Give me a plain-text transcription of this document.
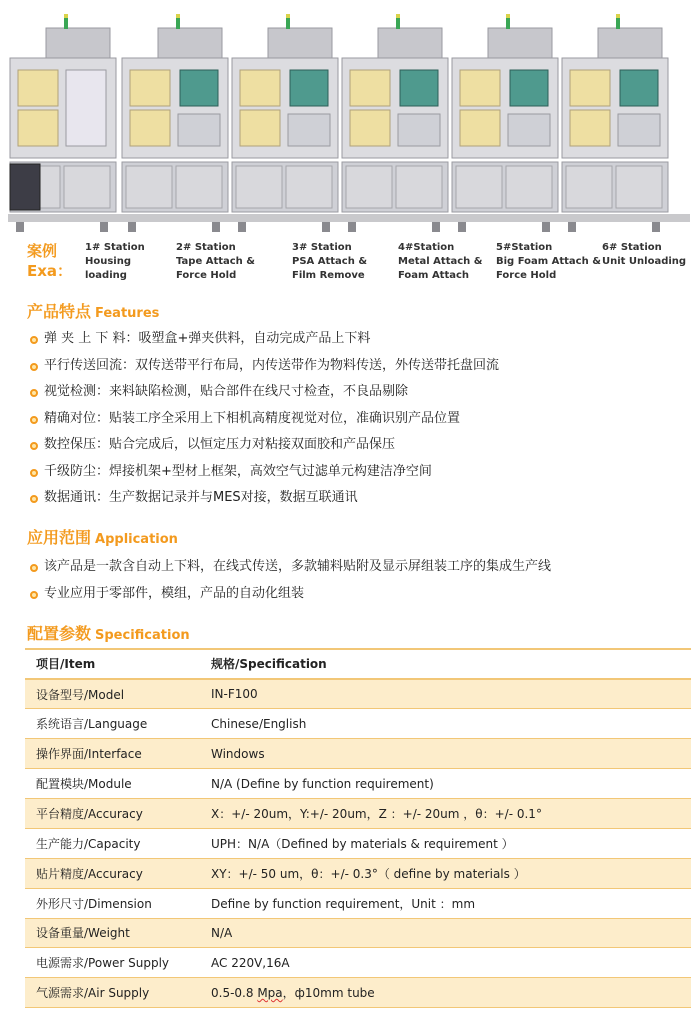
案例
Exa：
1# Station
Housing
loading
2# Station
Tape Attach &
Force Hold
3# Station
PSA Attach &
Film Remove
4#Station
Metal Attach &
Foam Attach
5#Station
Big Foam Attach &
Force Hold
6# Station
Unit Unloading
产品特点 Features
弹 夹 上 下 料：吸塑盒+弹夹供料，自动完成产品上下料
平行传送回流：双传送带平行布局，内传送带作为物料传送，外传送带托盘回流
视觉检测：来料缺陷检测，贴合部件在线尺寸检查，不良品剔除
精确对位：贴装工序全采用上下相机高精度视觉对位，准确识别产品位置
数控保压：贴合完成后，以恒定压力对粘接双面胶和产品保压
千级防尘：焊接机架+型材上框架，高效空气过滤单元构建洁净空间
数据通讯：生产数据记录并与MES对接，数据互联通讯
应用范围 Application
该产品是一款含自动上下料，在线式传送，多款辅料贴附及显示屏组装工序的集成生产线
专业应用于零部件，模组，产品的自动化组装
配置参数 Specification
项目/Item	规格/Specification
设备型号/Model	IN-F100
系统语言/Language	Chinese/English
操作界面/Interface	Windows
配置模块/Module	N/A (Define by function requirement)
平台精度/Accuracy	X：+/- 20um，Y:+/- 20um，Z ：+/- 20um ，θ：+/- 0.1°
生产能力/Capacity	UPH：N/A（Defined by materials & requirement ）
贴片精度/Accuracy	XY：+/- 50 um，θ：+/- 0.3°（ define by materials ）
外形尺寸/Dimension	Define by function requirement，Unit ：mm
设备重量/Weight	N/A
电源需求/Power Supply	AC 220V,16A
气源需求/Air Supply	0.5-0.8 Mpa，ф10mm tube
